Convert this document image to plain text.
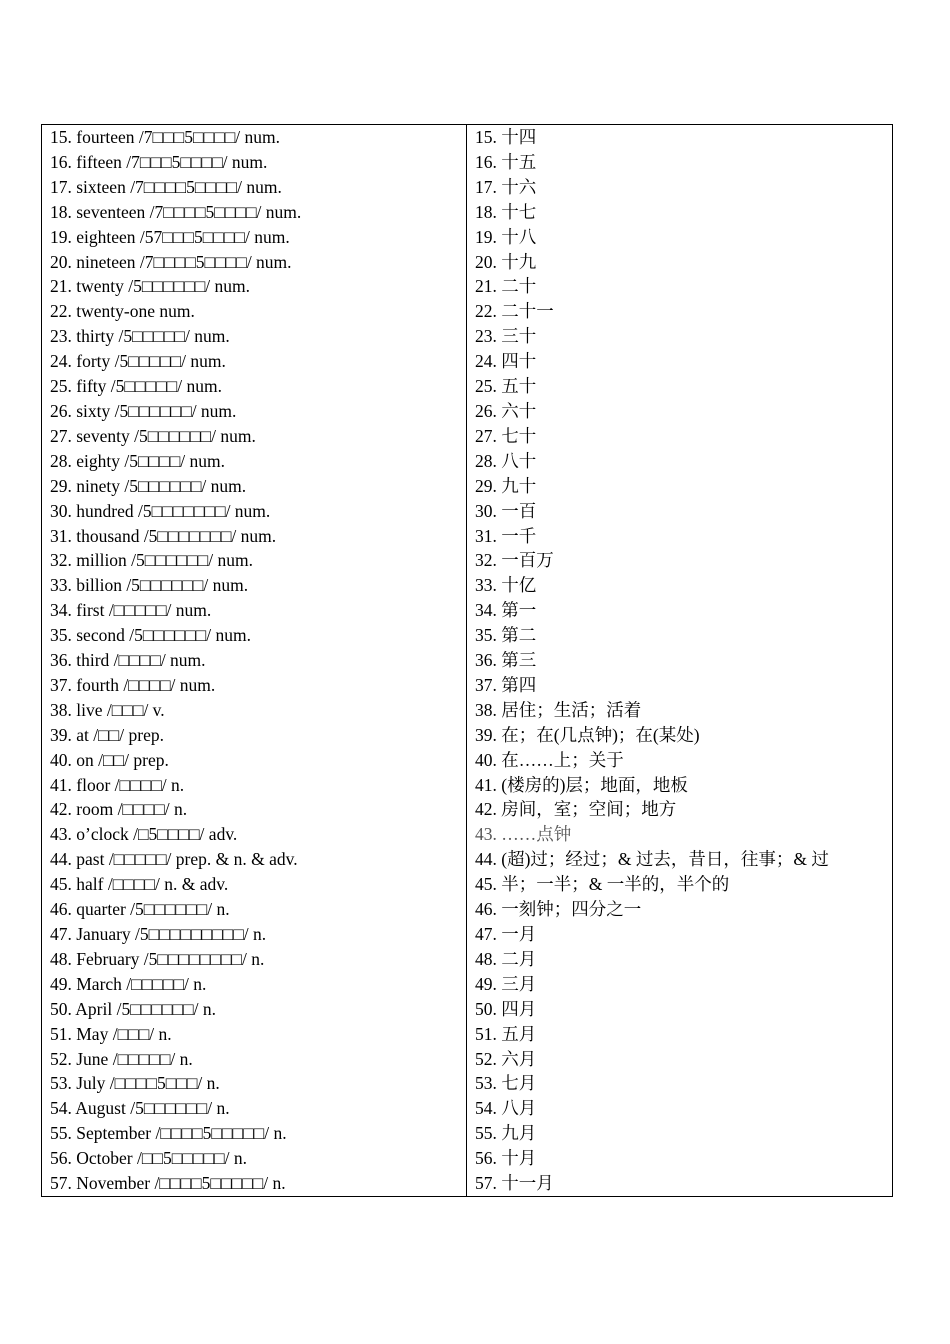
15. fourteen /7□□□5□□□□/ num.	15. 十四
16. fifteen /7□□□5□□□□/ num.	16. 十五
17. sixteen /7□□□□5□□□□/ num.	17. 十六
18. seventeen /7□□□□5□□□□/ num.	18. 十七
19. eighteen /57□□□5□□□□/ num.	19. 十八
20. nineteen /7□□□□5□□□□/ num.	20. 十九
21. twenty /5□□□□□□/ num.	21. 二十
22. twenty-one num.	22. 二十一
23. thirty /5□□□□□/ num.	23. 三十
24. forty /5□□□□□/ num.	24. 四十
25. fifty /5□□□□□/ num.	25. 五十
26. sixty /5□□□□□□/ num.	26. 六十
27. seventy /5□□□□□□/ num.	27. 七十
28. eighty /5□□□□/ num.	28. 八十
29. ninety /5□□□□□□/ num.	29. 九十
30. hundred /5□□□□□□□/ num.	30. 一百
31. thousand /5□□□□□□□/ num.	31. 一千
32. million /5□□□□□□/ num.	32. 一百万
33. billion /5□□□□□□/ num.	33. 十亿
34. first /□□□□□/ num.	34. 第一
35. second /5□□□□□□/ num.	35. 第二
36. third /□□□□/ num.	36. 第三
37. fourth /□□□□/ num.	37. 第四
38. live /□□□/ v.	38. 居住；生活；活着
39. at /□□/ prep.	39. 在；在(几点钟)；在(某处)
40. on /□□/ prep.	40. 在……上；关于
41. floor /□□□□/ n.	41. (楼房的)层；地面，地板
42. room /□□□□/ n.	42. 房间，室；空间；地方
43. o’clock /□5□□□□/ adv.	43. ……点钟
44. past /□□□□□/ prep. & n. & adv.	44. (超)过；经过；& 过去，昔日，往事；& 过
45. half /□□□□/ n. & adv.	45. 半；一半；& 一半的，半个的
46. quarter /5□□□□□□/ n.	46. 一刻钟；四分之一
47. January /5□□□□□□□□□/ n.	47. 一月
48. February /5□□□□□□□□/ n.	48. 二月
49. March /□□□□□/ n.	49. 三月
50. April /5□□□□□□/ n.	50. 四月
51. May /□□□/ n.	51. 五月
52. June /□□□□□/ n.	52. 六月
53. July /□□□□5□□□/ n.	53. 七月
54. August /5□□□□□□/ n.	54. 八月
55. September /□□□□5□□□□□/ n.	55. 九月
56. October /□□5□□□□□/ n.	56. 十月
57. November /□□□□5□□□□□/ n.	57. 十一月
